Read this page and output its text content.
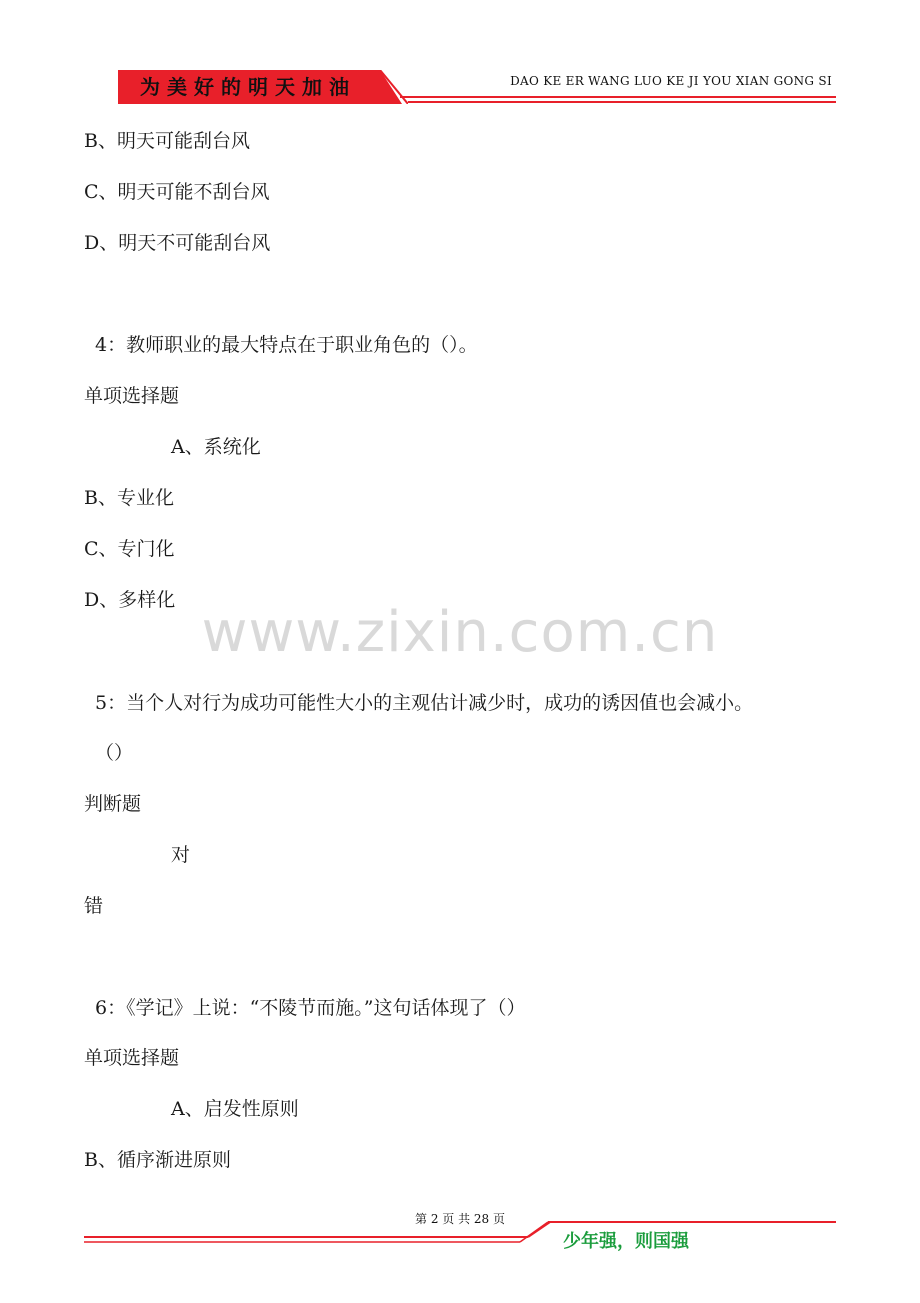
为美好的明天加油	DAO KE ER WANG LUO KE JI YOU XIAN GONG SI
www.zixin.com.cn
B、明天可能刮台风
C、明天可能不刮台风
D、明天不可能刮台风
4：教师职业的最大特点在于职业角色的（）。
单项选择题
A、系统化
B、专业化
C、专门化
D、多样化
5：当个人对行为成功可能性大小的主观估计减少时，成功的诱因值也会减小。
（）
判断题
对
错
6：《学记》上说：“不陵节而施。”这句话体现了（）
单项选择题
A、启发性原则
B、循序渐进原则
第 2 页 共 28 页
少年强，则国强
